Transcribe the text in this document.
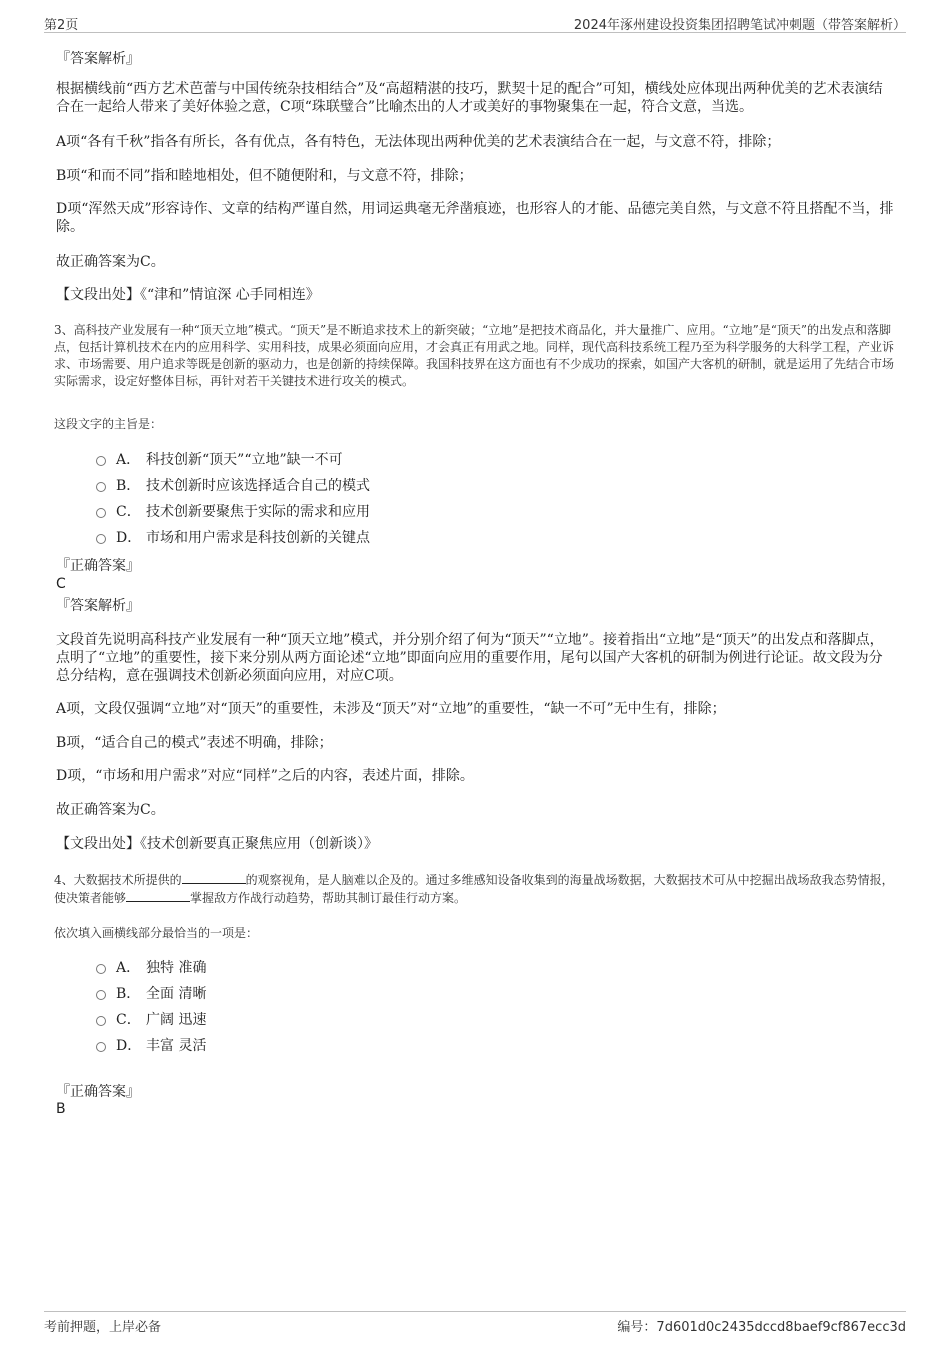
第2页	2024年涿州建设投资集团招聘笔试冲刺题（带答案解析）

『答案解析』

根据横线前“西方艺术芭蕾与中国传统杂技相结合”及“高超精湛的技巧，默契十足的配合”可知，横线处应体现出两种优美的艺术表演结合在一起给人带来了美好体验之意，C项“珠联璧合”比喻杰出的人才或美好的事物聚集在一起，符合文意，当选。

A项“各有千秋”指各有所长，各有优点，各有特色，无法体现出两种优美的艺术表演结合在一起，与文意不符，排除；

B项“和而不同”指和睦地相处，但不随便附和，与文意不符，排除；

D项“浑然天成”形容诗作、文章的结构严谨自然，用词运典毫无斧凿痕迹，也形容人的才能、品德完美自然，与文意不符且搭配不当，排除。

故正确答案为C。

【文段出处】《“津和”情谊深 心手同相连》

3、高科技产业发展有一种“顶天立地”模式。“顶天”是不断追求技术上的新突破；“立地”是把技术商品化，并大量推广、应用。“立地”是“顶天”的出发点和落脚点，包括计算机技术在内的应用科学、实用科技，成果必须面向应用，才会真正有用武之地。同样，现代高科技系统工程乃至为科学服务的大科学工程，产业诉求、市场需要、用户追求等既是创新的驱动力，也是创新的持续保障。我国科技界在这方面也有不少成功的探索，如国产大客机的研制，就是运用了先结合市场实际需求，设定好整体目标，再针对若干关键技术进行攻关的模式。

这段文字的主旨是：

A． 科技创新“顶天”“立地”缺一不可
B． 技术创新时应该选择适合自己的模式
C． 技术创新要聚焦于实际的需求和应用
D． 市场和用户需求是科技创新的关键点

『正确答案』

C

『答案解析』

文段首先说明高科技产业发展有一种“顶天立地”模式，并分别介绍了何为“顶天”“立地”。接着指出“立地”是“顶天”的出发点和落脚点，点明了“立地”的重要性，接下来分别从两方面论述“立地”即面向应用的重要作用，尾句以国产大客机的研制为例进行论证。故文段为分总分结构，意在强调技术创新必须面向应用，对应C项。

A项，文段仅强调“立地”对“顶天”的重要性，未涉及“顶天”对“立地”的重要性，“缺一不可”无中生有，排除；

B项，“适合自己的模式”表述不明确，排除；

D项，“市场和用户需求”对应“同样”之后的内容，表述片面，排除。

故正确答案为C。

【文段出处】《技术创新要真正聚焦应用（创新谈）》

4、大数据技术所提供的	的观察视角，是人脑难以企及的。通过多维感知设备收集到的海量战场数据，大数据技术可从中挖掘出战场敌我态势情报，使决策者能够	掌握敌方作战行动趋势，帮助其制订最佳行动方案。

依次填入画横线部分最恰当的一项是：

A． 独特 准确
B． 全面 清晰
C． 广阔 迅速
D． 丰富 灵活

『正确答案』

B

考前押题，上岸必备	编号：7d601d0c2435dccd8baef9cf867ecc3d
